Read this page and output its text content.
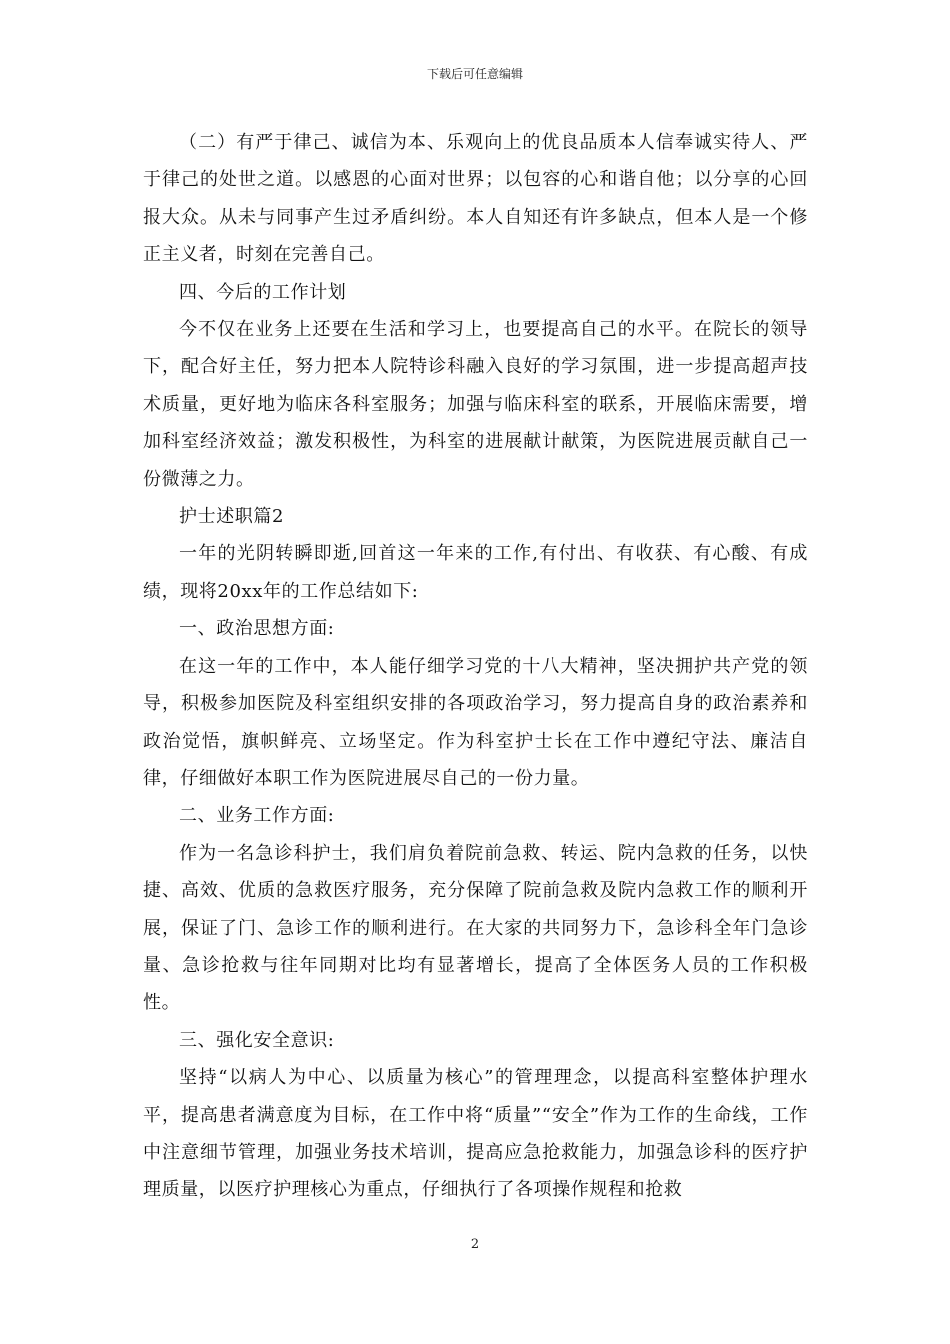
下载后可任意编辑

（二）有严于律己、诚信为本、乐观向上的优良品质本人信奉诚实待人、严于律己的处世之道。以感恩的心面对世界；以包容的心和谐自他；以分享的心回报大众。从未与同事产生过矛盾纠纷。本人自知还有许多缺点，但本人是一个修正主义者，时刻在完善自己。

四、今后的工作计划

今不仅在业务上还要在生活和学习上，也要提高自己的水平。在院长的领导下，配合好主任，努力把本人院特诊科融入良好的学习氛围，进一步提高超声技术质量，更好地为临床各科室服务；加强与临床科室的联系，开展临床需要，增加科室经济效益；激发积极性，为科室的进展献计献策，为医院进展贡献自己一份微薄之力。

护士述职篇2

一年的光阴转瞬即逝,回首这一年来的工作,有付出、有收获、有心酸、有成绩，现将20xx年的工作总结如下:

一、政治思想方面:

在这一年的工作中，本人能仔细学习党的十八大精神，坚决拥护共产党的领导，积极参加医院及科室组织安排的各项政治学习，努力提高自身的政治素养和政治觉悟，旗帜鲜亮、立场坚定。作为科室护士长在工作中遵纪守法、廉洁自律，仔细做好本职工作为医院进展尽自己的一份力量。

二、业务工作方面:

作为一名急诊科护士，我们肩负着院前急救、转运、院内急救的任务，以快捷、高效、优质的急救医疗服务，充分保障了院前急救及院内急救工作的顺利开展，保证了门、急诊工作的顺利进行。在大家的共同努力下，急诊科全年门急诊量、急诊抢救与往年同期对比均有显著增长，提高了全体医务人员的工作积极性。

三、强化安全意识:

坚持“以病人为中心、以质量为核心”的管理理念，以提高科室整体护理水平，提高患者满意度为目标，在工作中将“质量”“安全”作为工作的生命线，工作中注意细节管理，加强业务技术培训，提高应急抢救能力，加强急诊科的医疗护理质量，以医疗护理核心为重点，仔细执行了各项操作规程和抢救

2
